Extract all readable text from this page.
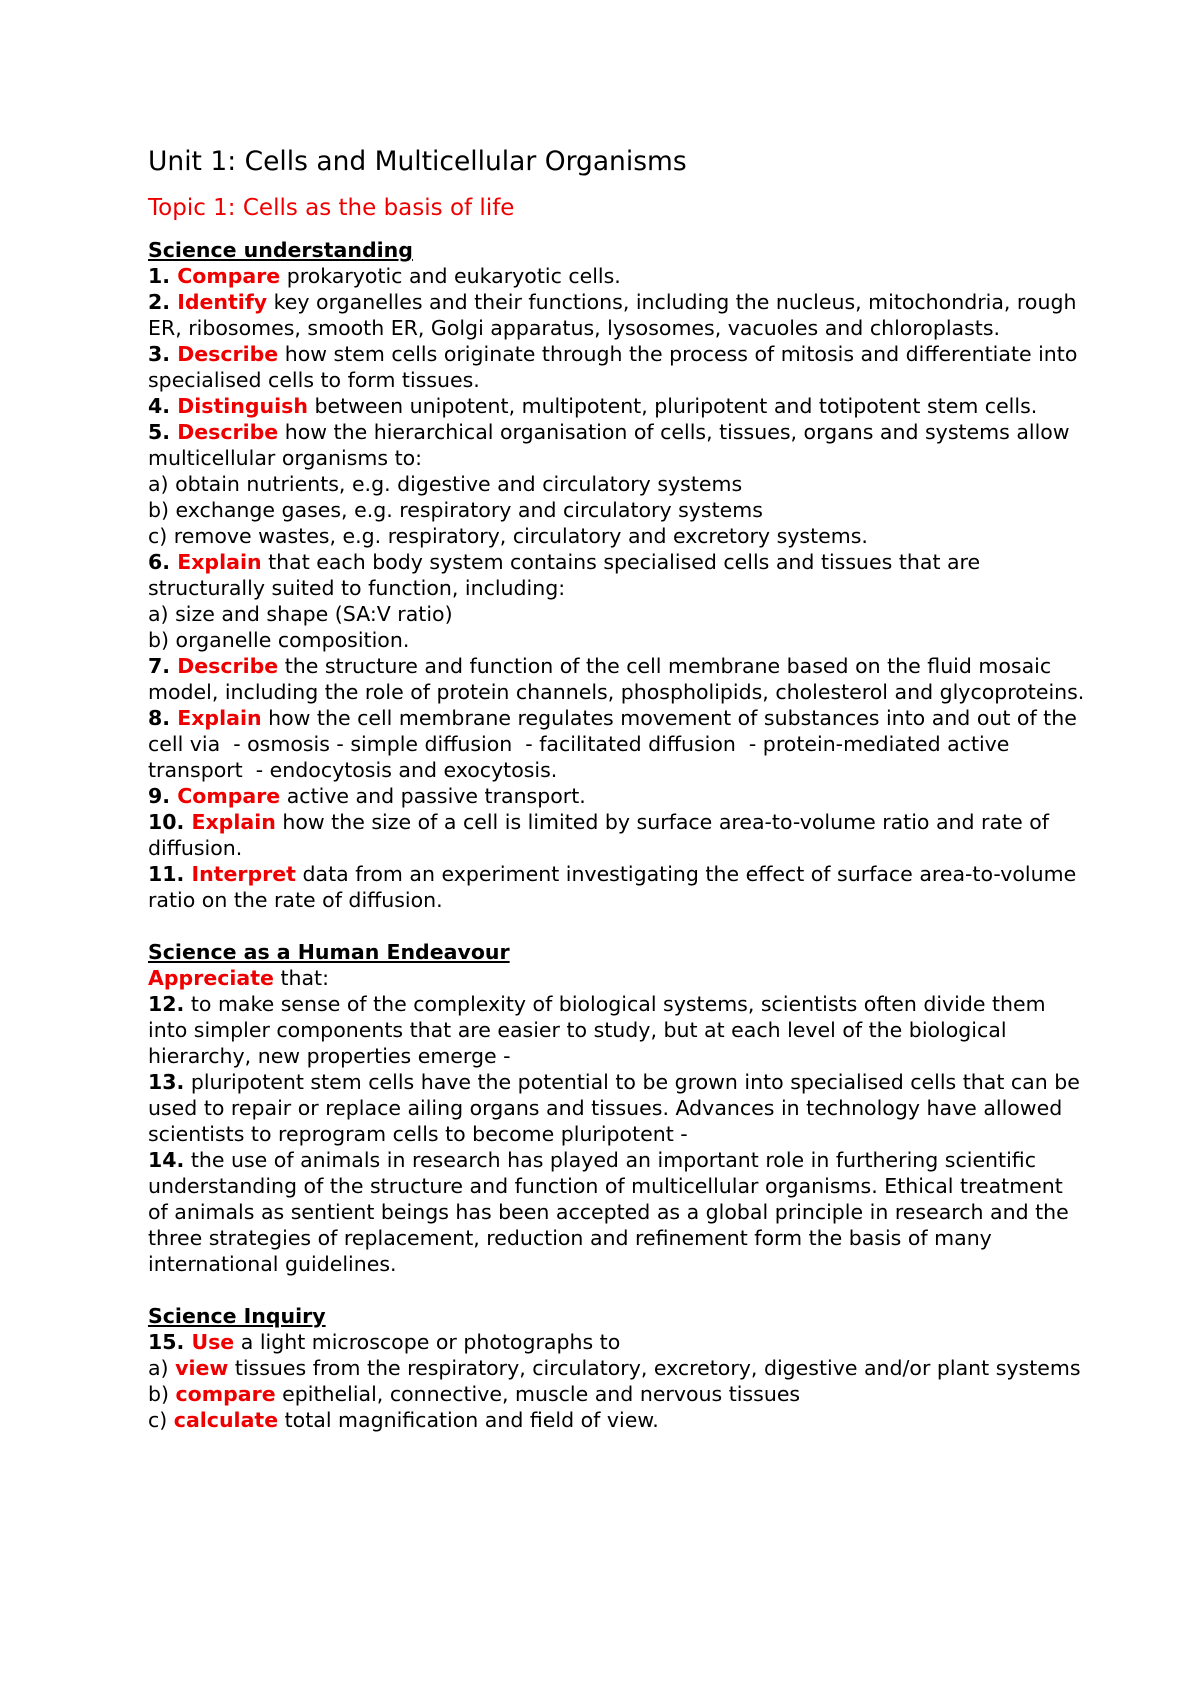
Unit 1: Cells and Multicellular Organisms
Topic 1: Cells as the basis of life

Science understanding

1. Compare prokaryotic and eukaryotic cells.

2. Identify key organelles and their functions, including the nucleus, mitochondria, rough ER, ribosomes, smooth ER, Golgi apparatus, lysosomes, vacuoles and chloroplasts.

3. Describe how stem cells originate through the process of mitosis and differentiate into specialised cells to form tissues.

4. Distinguish between unipotent, multipotent, pluripotent and totipotent stem cells.

5. Describe how the hierarchical organisation of cells, tissues, organs and systems allow multicellular organisms to:

a) obtain nutrients, e.g. digestive and circulatory systems

b) exchange gases, e.g. respiratory and circulatory systems

c) remove wastes, e.g. respiratory, circulatory and excretory systems.

6. Explain that each body system contains specialised cells and tissues that are structurally suited to function, including:

a) size and shape (SA:V ratio)

b) organelle composition.

7. Describe the structure and function of the cell membrane based on the fluid mosaic model, including the role of protein channels, phospholipids, cholesterol and glycoproteins.

8. Explain how the cell membrane regulates movement of substances into and out of the cell via  - osmosis - simple diffusion  - facilitated diffusion  - protein-mediated active transport  - endocytosis and exocytosis.

9. Compare active and passive transport.

10. Explain how the size of a cell is limited by surface area-to-volume ratio and rate of diffusion.

11. Interpret data from an experiment investigating the effect of surface area-to-volume ratio on the rate of diffusion.

Science as a Human Endeavour

Appreciate that:

12. to make sense of the complexity of biological systems, scientists often divide them into simpler components that are easier to study, but at each level of the biological hierarchy, new properties emerge -

13. pluripotent stem cells have the potential to be grown into specialised cells that can be used to repair or replace ailing organs and tissues. Advances in technology have allowed scientists to reprogram cells to become pluripotent -

14. the use of animals in research has played an important role in furthering scientific understanding of the structure and function of multicellular organisms. Ethical treatment of animals as sentient beings has been accepted as a global principle in research and the three strategies of replacement, reduction and refinement form the basis of many international guidelines.

Science Inquiry

15. Use a light microscope or photographs to

a) view tissues from the respiratory, circulatory, excretory, digestive and/or plant systems

b) compare epithelial, connective, muscle and nervous tissues

c) calculate total magnification and field of view.
